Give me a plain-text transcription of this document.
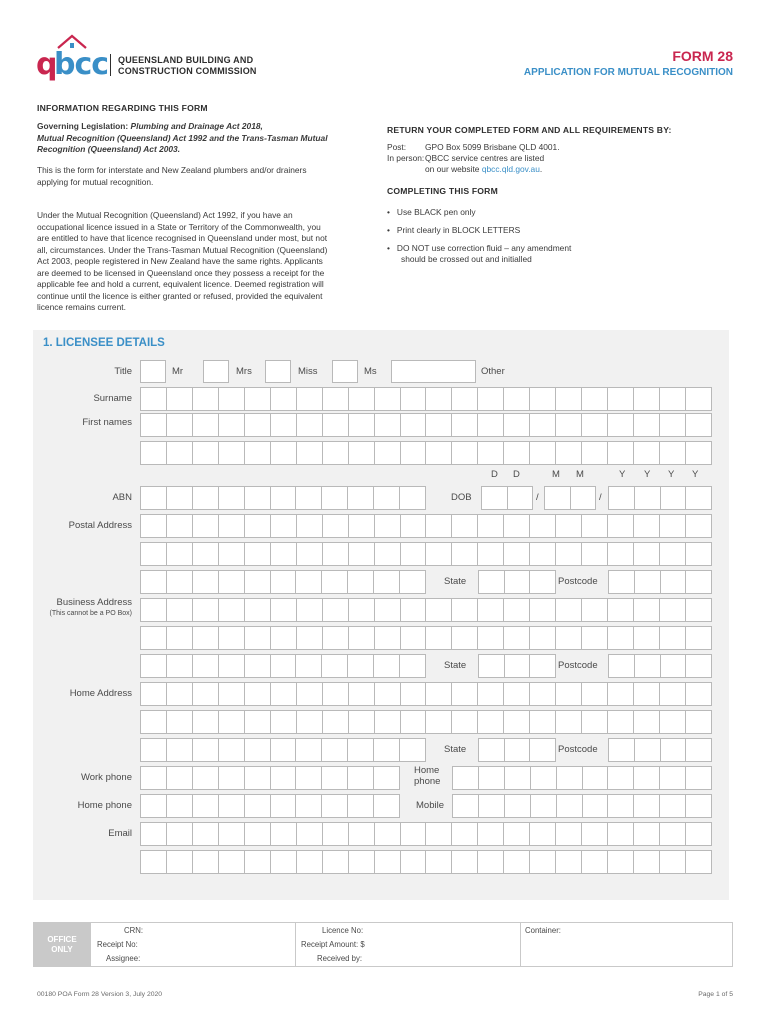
q
bcc QUEENSLAND BUILDING AND
CONSTRUCTION COMMISSION
FORM 28
APPLICATION FOR MUTUAL RECOGNITION
INFORMATION REGARDING THIS FORM
Governing Legislation: Plumbing and Drainage Act 2018,
Mutual Recognition (Queensland) Act 1992 and the Trans-Tasman Mutual
Recognition (Queensland) Act 2003.
This is the form for interstate and New Zealand plumbers and/or drainers
applying for mutual recognition.
Under the Mutual Recognition (Queensland) Act 1992, if you have an
occupational licence issued in a State or Territory of the Commonwealth, you
are entitled to have that licence recognised in Queensland under most, but not
all, circumstances. Under the Trans-Tasman Mutual Recognition (Queensland)
Act 2003, people registered in New Zealand have the same rights. Applicants
are deemed to be licensed in Queensland once they possess a receipt for the
applicable fee and hold a current, equivalent licence. Deemed registration will
continue until the licence is either granted or refused, provided the equivalent
licence remains current.
RETURN YOUR COMPLETED FORM AND ALL REQUIREMENTS BY:
Post: GPO Box 5099 Brisbane QLD 4001.
In person: QBCC service centres are listed
on our website qbcc.qld.gov.au.
COMPLETING THIS FORM
•   Use BLACK pen only
•   Print clearly in BLOCK LETTERS
•   DO NOT use correction fluid – any amendment
should be crossed out and initialled
1. LICENSEE DETAILS
Title	Mr	Mrs	Miss	Ms	Other
Surname
First names
D D	M M	Y Y Y Y
ABN	DOB	/	/
Postal Address
State	Postcode
Business Address
(This cannot be a PO Box)
State	Postcode
Home Address
State	Postcode
Work phone
Home
phone
Home phone	Mobile
Email
OFFICE
ONLY
CRN:
Receipt No:
Assignee:
Licence No:
Receipt Amount: $
Received by:
Container:
00180 POA Form 28 Version 3, July 2020	Page 1 of 5
